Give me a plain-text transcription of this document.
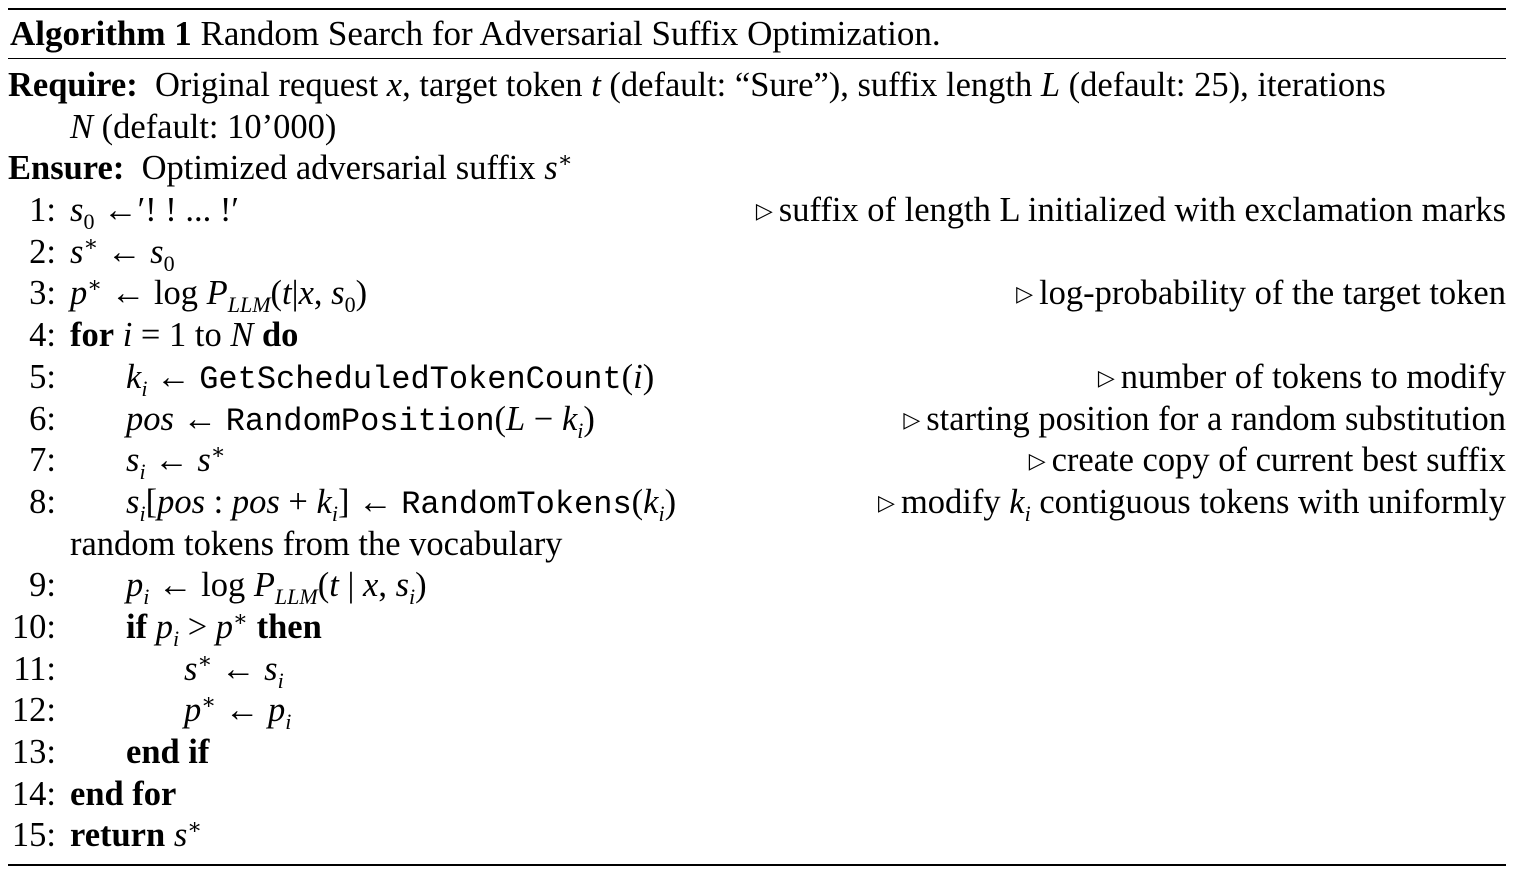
Algorithm 1 Random Search for Adversarial Suffix Optimization.
Require: Original request x, target token t (default: “Sure”), suffix length L (default: 25), iterations
N (default: 10’000)
Ensure: Optimized adversarial suffix s∗
1: $s_0$ ←′! ! ... !′	▷ suffix of length L initialized with exclamation marks
2: s∗ ← $s_0$
3: p∗ ← $\log P_{LLM}(t|x$, $s_0$)	▷ log-probability of the target token
4: for i = 1 to N do
5: $k_i$ ← GetScheduledTokenCount(i)	▷ number of tokens to modify
6: pos ← RandomPosition(L − $k_i$)	▷ starting position for a random substitution
7: $s_i$ ← s∗	▷ create copy of current best suffix
8: $s_i[pos$ : pos + $k_i$] ← $RandomTokens(k_i)$	▷ modify $k_i$ contiguous tokens with uniformly
random tokens from the vocabulary
9: $p_i$ ← $\log P_{LLM}(t$ | x, $s_i$)
10: if $p_i > p^∗$ then
11:	s∗ ← $s_i$
12:	p∗ ← $p_i$
13: end if
14: end for
15: return s∗
